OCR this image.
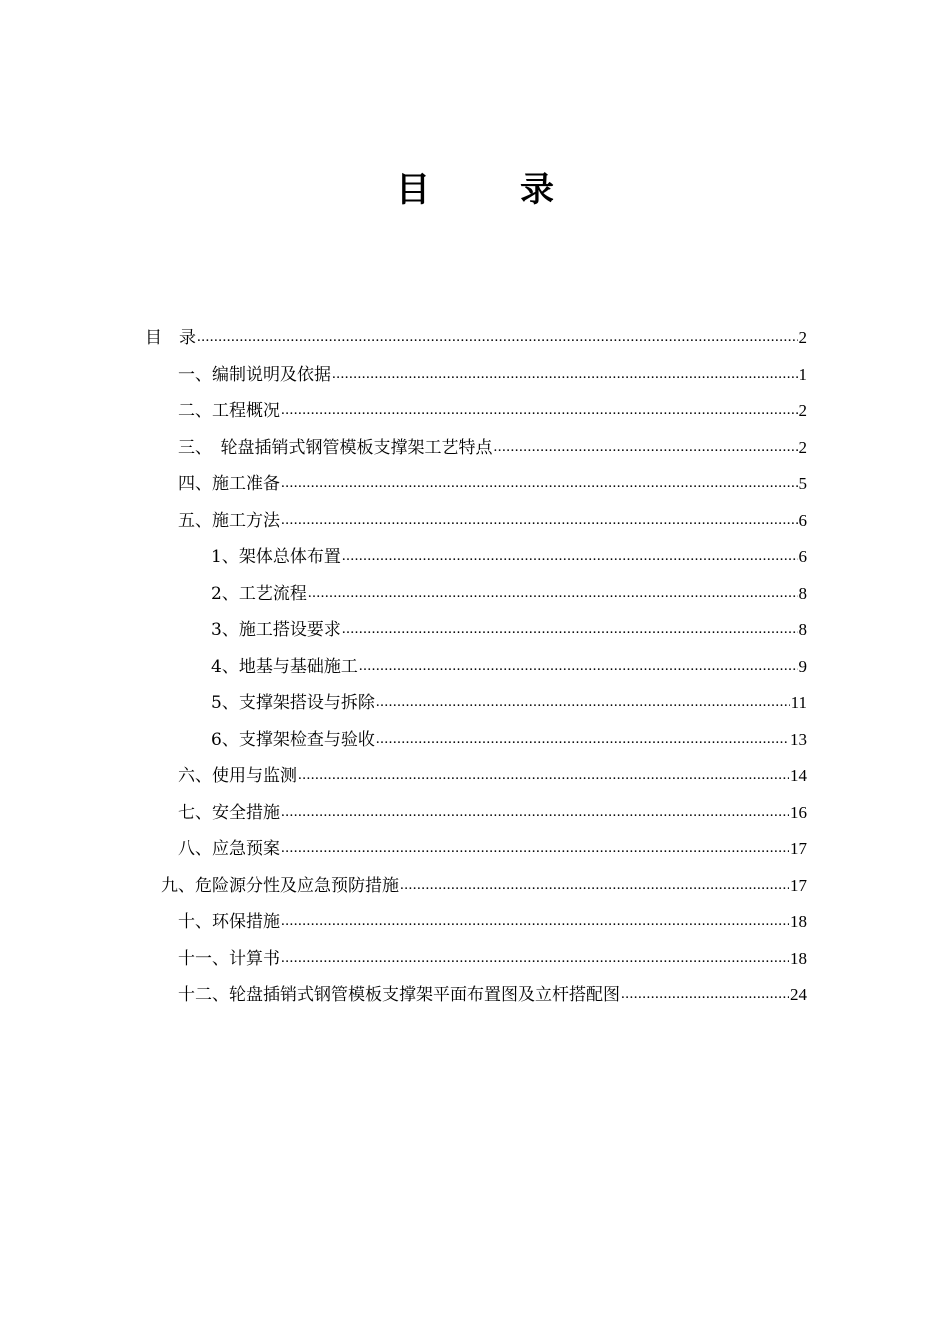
目　录
目　录 .....	2
一、编制说明及依据 .....	1
二、工程概况 .....	2
三、　轮盘插销式钢管模板支撑架工艺特点 .....	2
四、施工准备 .....	5
五、施工方法 .....	6
1、架体总体布置 .....	6
2、工艺流程 .....	8
3、施工搭设要求 .....	8
4、地基与基础施工 .....	9
5、支撑架搭设与拆除 .....	11
6、支撑架检查与验收 .....	13
六、使用与监测 .....	14
七、安全措施 .....	16
八、应急预案 .....	17
九、危险源分性及应急预防措施 .....	17
十、环保措施 .....	18
十一、计算书 .....	18
十二、轮盘插销式钢管模板支撑架平面布置图及立杆搭配图 .....	24
